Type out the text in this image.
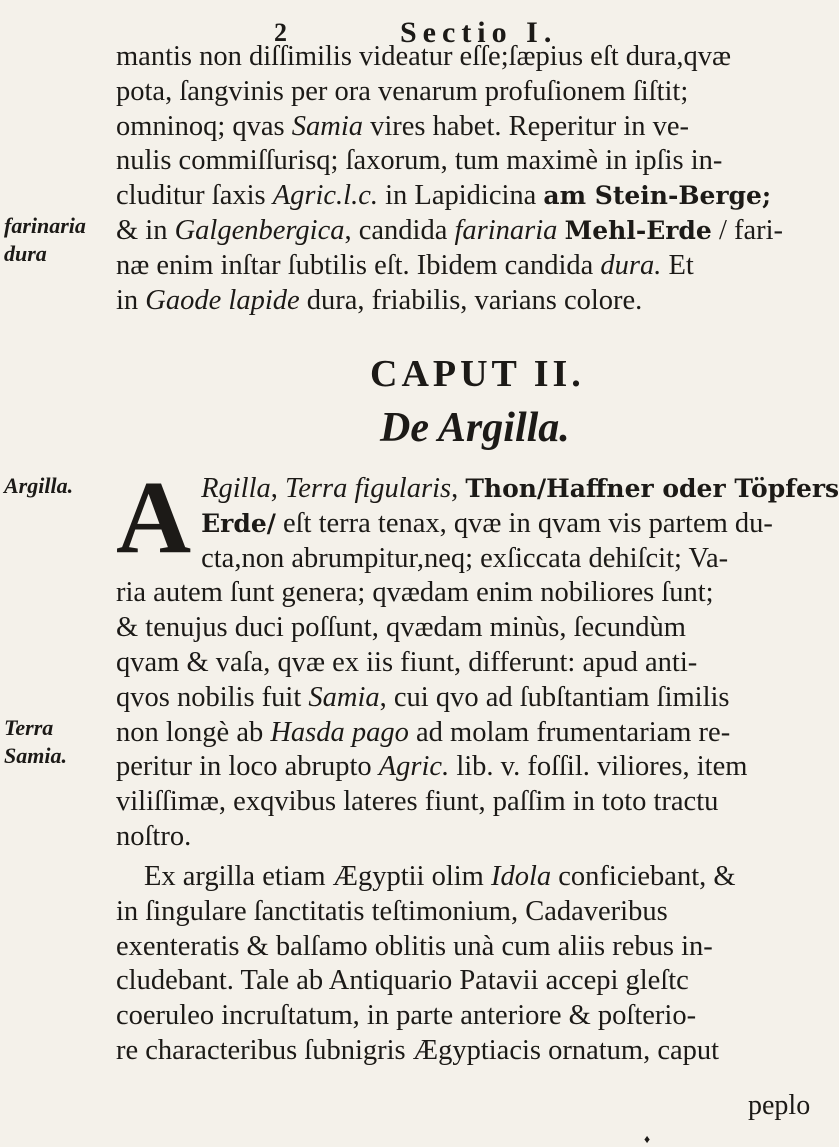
2	Sectio I.
mantis non diſſimilis videatur eſſe;ſæpius eſt dura,qvæ
pota, ſangvinis per ora venarum profuſionem ſiſtit;
omninoq; qvas Samia vires habet. Reperitur in ve-
nulis commiſſurisq; ſaxorum, tum maximè in ipſis in-
cluditur ſaxis Agric.l.c. in Lapidicina am Stein-Berge;
& in Galgenbergica, candida farinaria Mehl-Erde / fari-
næ enim inſtar ſubtilis eſt. Ibidem candida dura. Et
in Gaode lapide dura, friabilis, varians colore.
farinaria dura
Argilla.
Terra Samia.
CAPUT II.
De Argilla.
A Rgilla, Terra figularis, Thon/Haffner oder Töpfers
Erde/ eſt terra tenax, qvæ in qvam vis partem du-
cta,non abrumpitur,neq; exſiccata dehiſcit; Va-
ria autem ſunt genera; qvædam enim nobiliores ſunt;
& tenujus duci poſſunt, qvædam minùs, ſecundùm
qvam & vaſa, qvæ ex iis fiunt, differunt: apud anti-
qvos nobilis fuit Samia, cui qvo ad ſubſtantiam ſimilis
non longè ab Hasda pago ad molam frumentariam re-
peritur in loco abrupto Agric. lib. v. foſſil. viliores, item
viliſſimæ, exqvibus lateres fiunt, paſſim in toto tractu
noſtro.
Ex argilla etiam Ægyptii olim Idola conficiebant, &
in ſingulare ſanctitatis teſtimonium, Cadaveribus
exenteratis & balſamo oblitis unà cum aliis rebus in-
cludebant. Tale ab Antiquario Patavii accepi gleſtc
coeruleo incruſtatum, in parte anteriore & poſterio-
re characteribus ſubnigris Ægyptiacis ornatum, caput
peplo
♦
